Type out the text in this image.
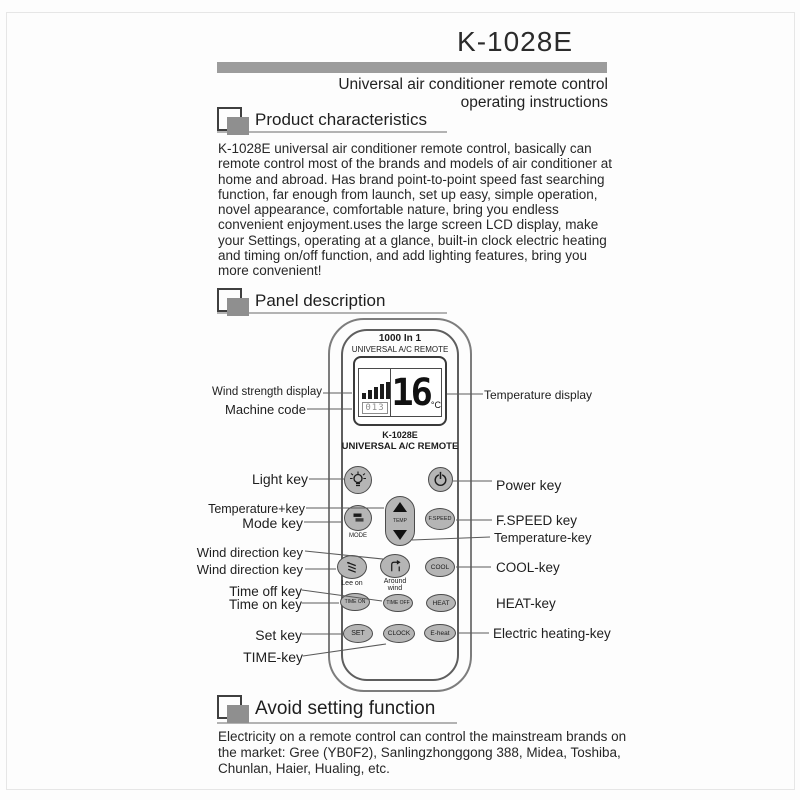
K-1028E
Universal air conditioner remote control
operating instructions
Product characteristics
K-1028E universal air conditioner remote control, basically can remote control most of the brands and models of air conditioner at home and abroad. Has brand point-to-point speed fast searching function, far enough from launch, set up easy, simple operation, novel appearance, comfortable nature, bring you endless convenient enjoyment.uses the large screen LCD display, make your Settings, operating at a glance, built-in clock electric heating and timing on/off function, and add lighting features, bring you more convenient!
Panel description
1000 In 1
UNIVERSAL A/C REMOTE
013 16 °C
K-1028E
UNIVERSAL A/C REMOTE
TEMP
MODE
F.SPEED
Lee on	Around
wind
COOL
TIME ON	TIME OFF	HEAT
SET	CLOCK	E-heat
Wind strength display
Machine code
Light key
Temperature+key
Mode key
Wind direction key
Wind direction key
Time off key
Time on key
Set key
TIME-key
Temperature display
Power key
F.SPEED key
Temperature-key
COOL-key
HEAT-key
Electric heating-key
Avoid setting function
Electricity on a remote control can control the mainstream brands on the market: Gree (YB0F2), Sanlingzhonggong 388, Midea, Toshiba, Chunlan, Haier, Hualing, etc.
